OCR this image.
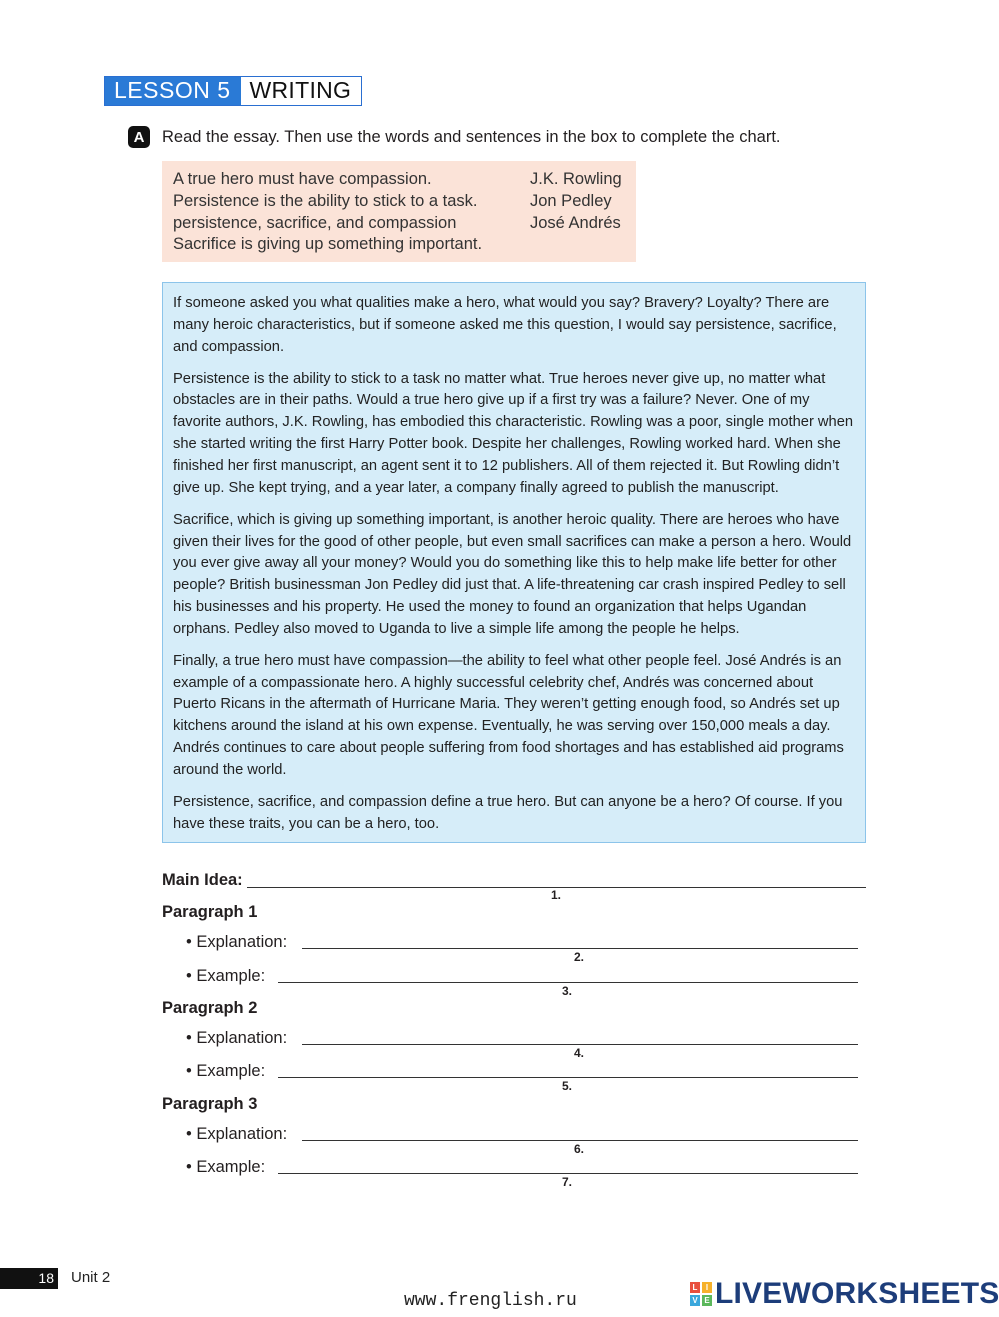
LESSON 5 WRITING
A	Read the essay. Then use the words and sentences in the box to complete the chart.
A true hero must have compassion.
Persistence is the ability to stick to a task.
persistence, sacrifice, and compassion
Sacrifice is giving up something important.
J.K. Rowling
Jon Pedley
José Andrés

If someone asked you what qualities make a hero, what would you say? Bravery? Loyalty? There are many heroic characteristics, but if someone asked me this question, I would say persistence, sacrifice, and compassion.

Persistence is the ability to stick to a task no matter what. True heroes never give up, no matter what obstacles are in their paths. Would a true hero give up if a first try was a failure? Never. One of my favorite authors, J.K. Rowling, has embodied this characteristic. Rowling was a poor, single mother when she started writing the first Harry Potter book. Despite her challenges, Rowling worked hard. When she finished her first manuscript, an agent sent it to 12 publishers. All of them rejected it. But Rowling didn’t give up. She kept trying, and a year later, a company finally agreed to publish the manuscript.

Sacrifice, which is giving up something important, is another heroic quality. There are heroes who have given their lives for the good of other people, but even small sacrifices can make a person a hero. Would you ever give away all your money? Would you do something like this to help make life better for other people? British businessman Jon Pedley did just that. A life-threatening car crash inspired Pedley to sell his businesses and his property. He used the money to found an organization that helps Ugandan orphans. Pedley also moved to Uganda to live a simple life among the people he helps.

Finally, a true hero must have compassion—the ability to feel what other people feel. José Andrés is an example of a compassionate hero. A highly successful celebrity chef, Andrés was concerned about Puerto Ricans in the aftermath of Hurricane Maria. They weren’t getting enough food, so Andrés set up kitchens around the island at his own expense. Eventually, he was serving over 150,000 meals a day. Andrés continues to care about people suffering from food shortages and has established aid programs around the world.

Persistence, sacrifice, and compassion define a true hero. But can anyone be a hero? Of course. If you have these traits, you can be a hero, too.

Main Idea:
1.
Paragraph 1
• Explanation:
2.
• Example:
3.
Paragraph 2
• Explanation:
4.
• Example:
5.
Paragraph 3
• Explanation:
6.
• Example:
7.
18 Unit 2
www.frenglish.ru
L	I
V E LIVEWORKSHEETS
